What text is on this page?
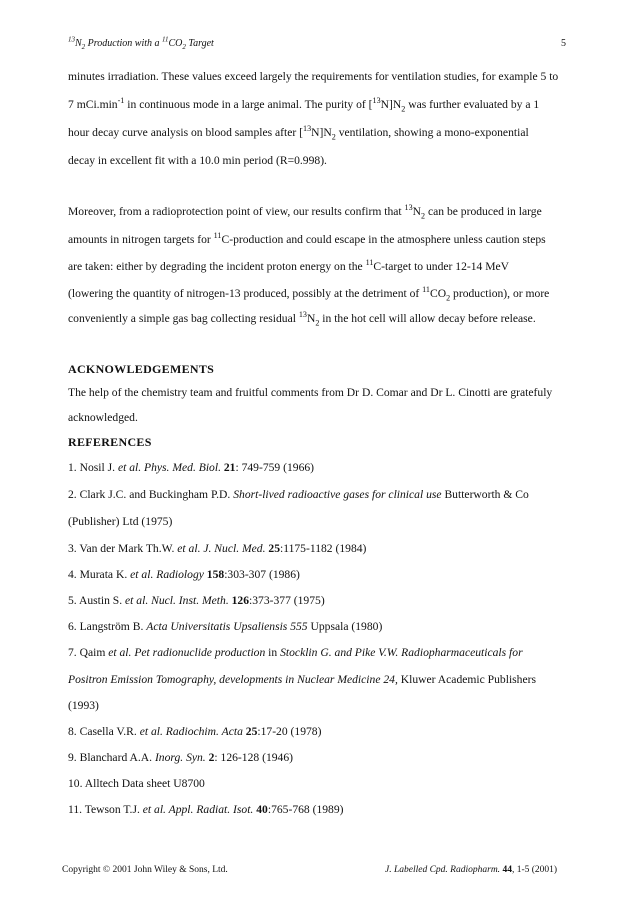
$^{13}N_2$ Production with a $^{11}CO_2$ Target	5
minutes irradiation. These values exceed largely the requirements for ventilation studies, for example 5 to
7 $mCi.\min^{-1}$ in continuous mode in a large animal. The purity of $[^{13}N]N_2$ was further evaluated by a 1
hour decay curve analysis on blood samples after $[^{13}N]N_2$ ventilation, showing a mono-exponential
decay in excellent fit with a 10.0 min period (R=0.998).
Moreover, from a radioprotection point of view, our results confirm that $^{13}N_2$ can be produced in large
amounts in nitrogen targets for $^{11}$C-production and could escape in the atmosphere unless caution steps
are taken: either by degrading the incident proton energy on the $^{11}$C-target to under 12-14 MeV
(lowering the quantity of nitrogen-13 produced, possibly at the detriment of $^{11}CO_2$ production), or more
conveniently a simple gas bag collecting residual $^{13}N_2$ in the hot cell will allow decay before release.
ACKNOWLEDGEMENTS
The help of the chemistry team and fruitful comments from Dr D. Comar and Dr L. Cinotti are gratefuly
acknowledged.
REFERENCES
1. Nosil J. et al. Phys. Med. Biol. 21: 749-759 (1966)
2. Clark J.C. and Buckingham P.D. Short-lived radioactive gases for clinical use Butterworth & Co
(Publisher) Ltd (1975)
3. Van der Mark Th.W. et al. J. Nucl. Med. 25:1175-1182 (1984)
4. Murata K. et al. Radiology 158:303-307 (1986)
5. Austin S. et al. Nucl. Inst. Meth. 126:373-377 (1975)
6. Langström B. Acta Universitatis Upsaliensis 555 Uppsala (1980)
7. Qaim et al. Pet radionuclide production in Stocklin G. and Pike V.W. Radiopharmaceuticals for
Positron Emission Tomography, developments in Nuclear Medicine 24, Kluwer Academic Publishers
(1993)
8. Casella V.R. et al. Radiochim. Acta 25:17-20 (1978)
9. Blanchard A.A. Inorg. Syn. 2: 126-128 (1946)
10. Alltech Data sheet U8700
11. Tewson T.J. et al. Appl. Radiat. Isot. 40:765-768 (1989)
Copyright © 2001 John Wiley & Sons, Ltd.	J. Labelled Cpd. Radiopharm. 44, 1-5 (2001)
